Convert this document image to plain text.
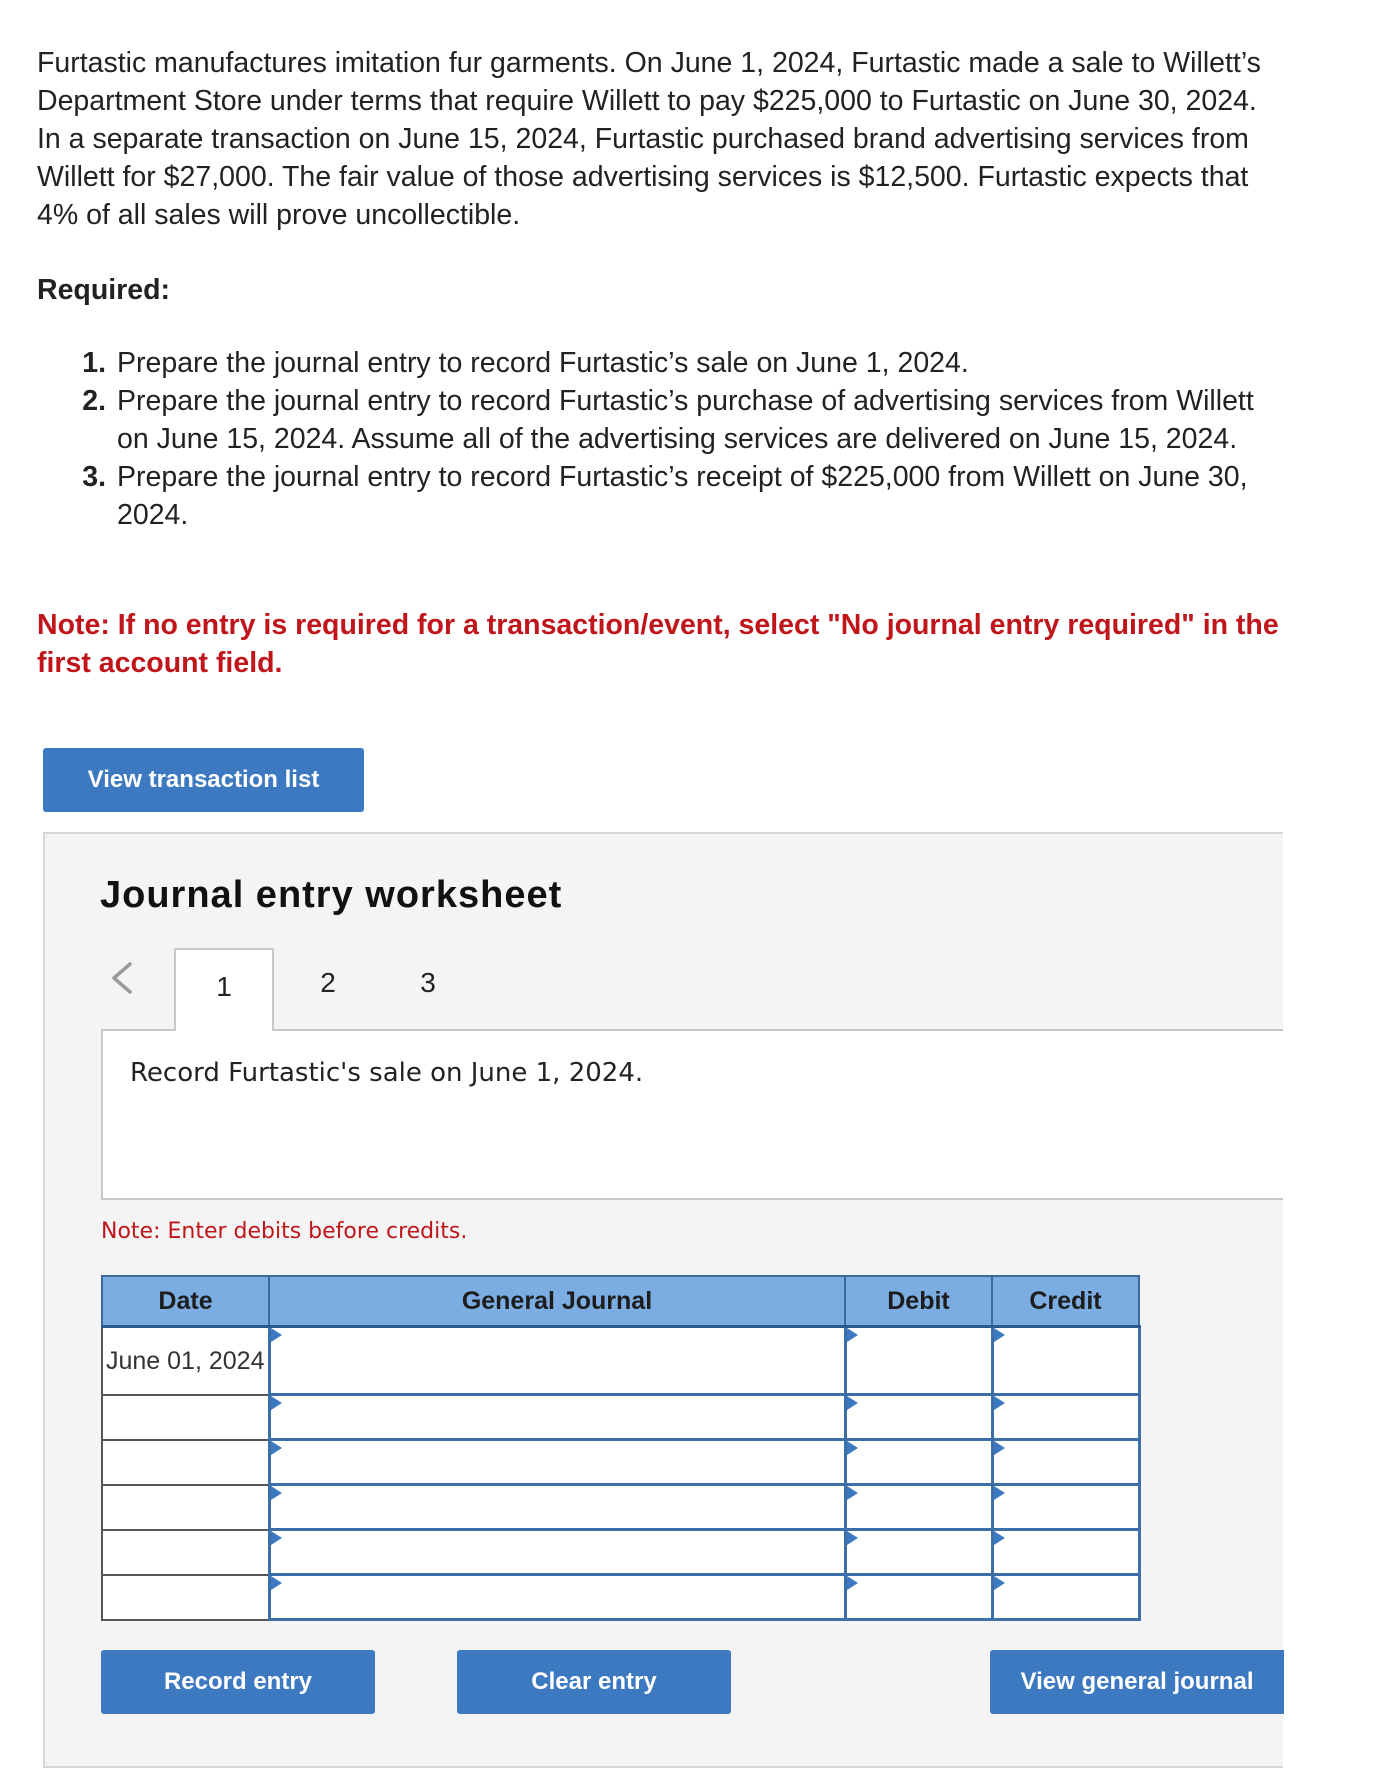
Furtastic manufactures imitation fur garments. On June 1, 2024, Furtastic made a sale to Willett’s Department Store under terms that require Willett to pay $225,000 to Furtastic on June 30, 2024. In a separate transaction on June 15, 2024, Furtastic purchased brand advertising services from Willett for $27,000. The fair value of those advertising services is $12,500. Furtastic expects that 4% of all sales will prove uncollectible.
Required:
1. Prepare the journal entry to record Furtastic’s sale on June 1, 2024.
2. Prepare the journal entry to record Furtastic’s purchase of advertising services from Willett on June 15, 2024. Assume all of the advertising services are delivered on June 15, 2024.
3. Prepare the journal entry to record Furtastic’s receipt of $225,000 from Willett on June 30, 2024.
Note: If no entry is required for a transaction/event, select "No journal entry required" in the first account field.
View transaction list
Journal entry worksheet
1	2	3
Record Furtastic's sale on June 1, 2024.
Note: Enter debits before credits.
Date	General Journal	Debit	Credit
June 01, 2024	

Record entry	Clear entry	View general journal
